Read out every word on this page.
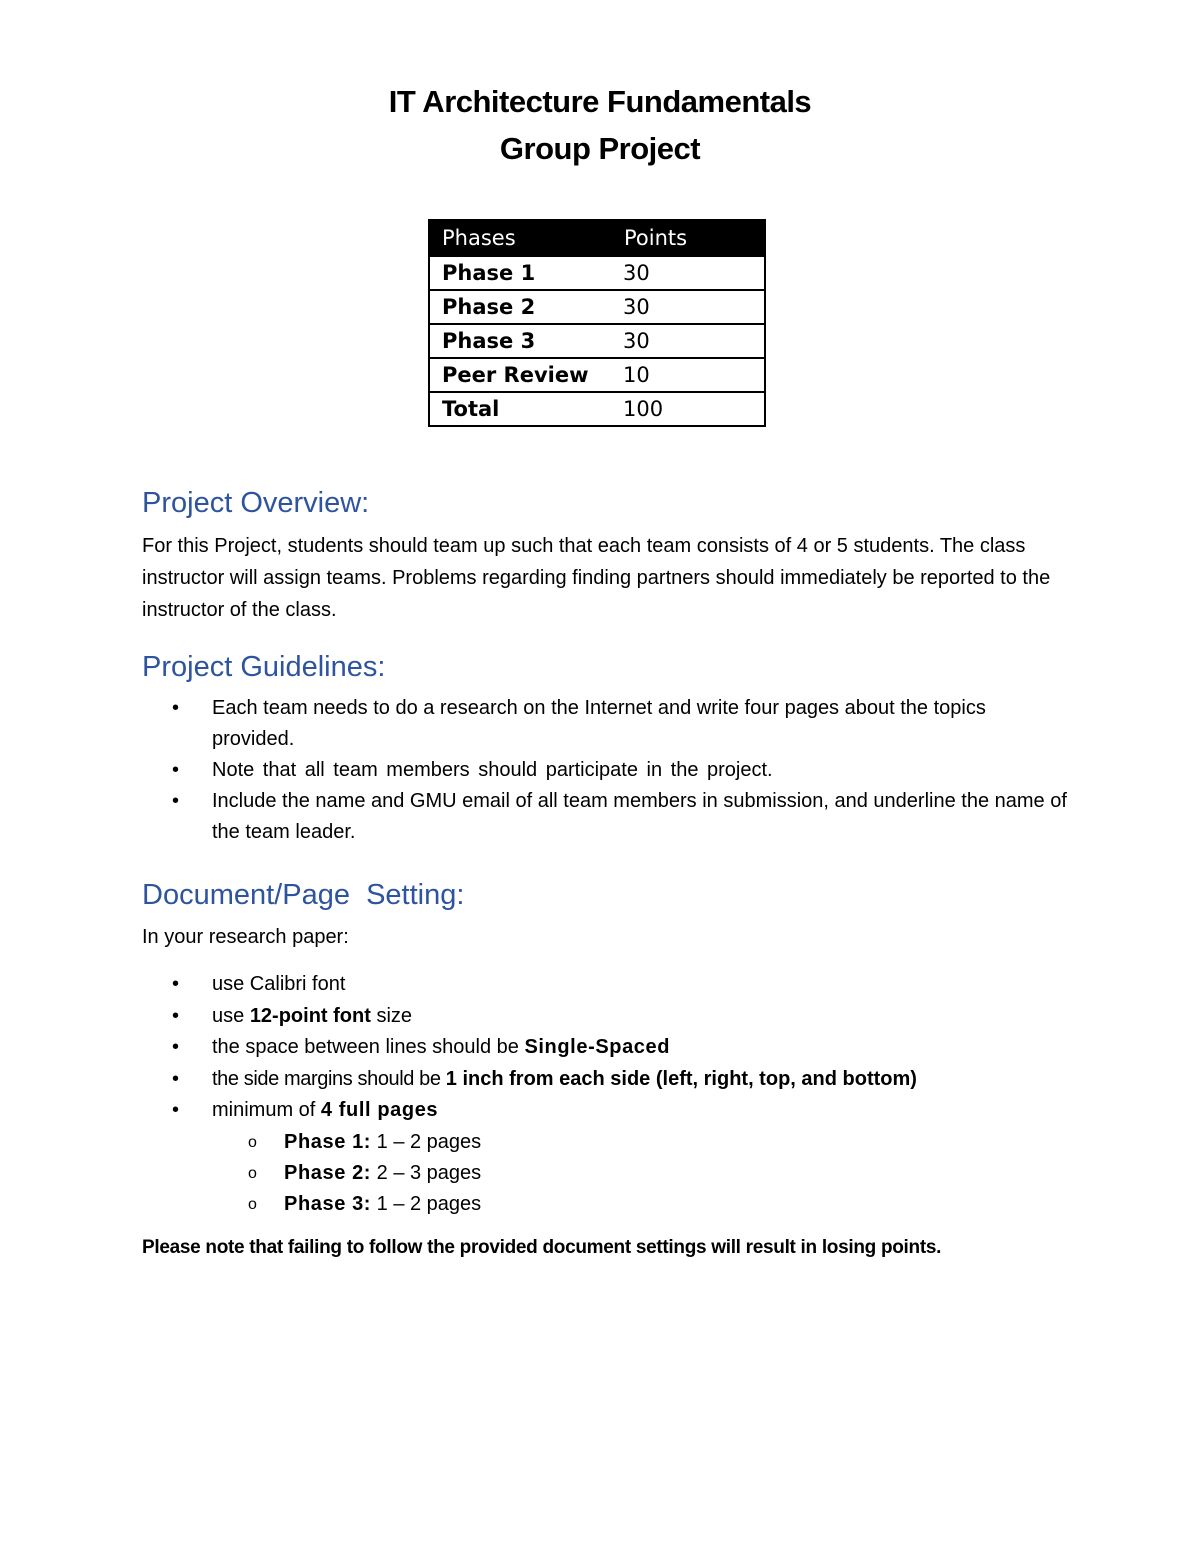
IT Architecture Fundamentals
Group Project
Phases	Points
Phase 1	30
Phase 2	30
Phase 3	30
Peer Review	10
Total	100
Project Overview:

For this Project, students should team up such that each team consists of 4 or 5 students. The class instructor will assign teams. Problems regarding finding partners should immediately be reported to the instructor of the class.

Project Guidelines:
• Each team needs to do a research on the Internet and write four pages about the topics provided.
• Note that all team members should participate in the project.
• Include the name and GMU email of all team members in submission, and underline the name of the team leader.
Document/Page  Setting:

In your research paper:

• use Calibri font
• use 12-point font size
• the space between lines should be Single-Spaced
• the side margins should be 1 inch from each side (left, right, top, and bottom)
• minimum of 4 full pages
o Phase 1: 1 – 2 pages
o Phase 2: 2 – 3 pages
o Phase 3: 1 – 2 pages

Please note that failing to follow the provided document settings will result in losing points.
